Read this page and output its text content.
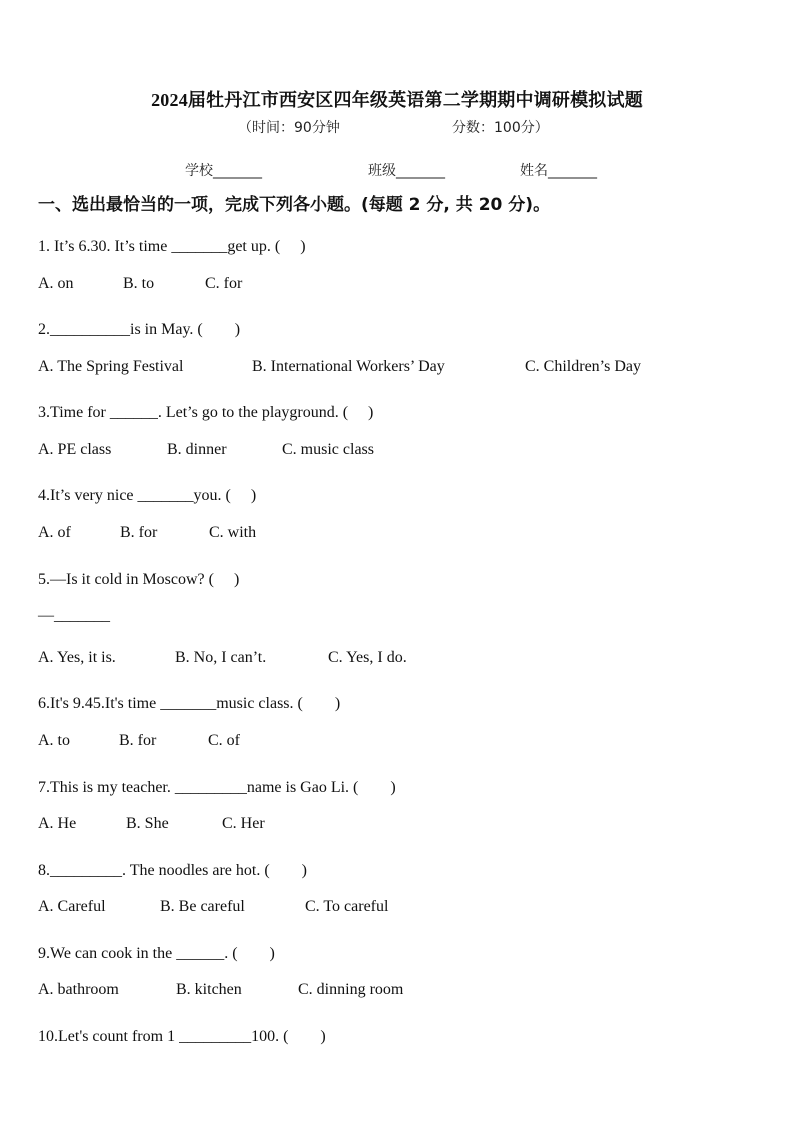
2024届牡丹江市西安区四年级英语第二学期期中调研模拟试题
（时间：90分钟	分数：100分）
学校_______	班级_______	姓名_______
一、选出最恰当的一项，完成下列各小题。(每题 2 分, 共 20 分)。
1. It’s 6.30. It’s time _______get up. (　 )
A. on	B. to	C. for
2.__________is in May. (　　)
A. The Spring Festival	B. International Workers’ Day	C. Children’s Day
3.Time for ______. Let’s go to the playground. (　 )
A. PE class	B. dinner	C. music class
4.It’s very nice _______you. (　 )
A. of	B. for	C. with
5.—Is it cold in Moscow? (　 )
—_______
A. Yes, it is.	B. No, I can’t.	C. Yes, I do.
6.It's 9.45.It's time _______music class. (　　)
A. to	B. for	C. of
7.This is my teacher. _________name is Gao Li. (　　)
A. He	B. She	C. Her
8._________. The noodles are hot. (　　)
A. Careful	B. Be careful	C. To careful
9.We can cook in the ______. (　　)
A. bathroom	B. kitchen	C. dinning room
10.Let's count from 1 _________100. (　　)
